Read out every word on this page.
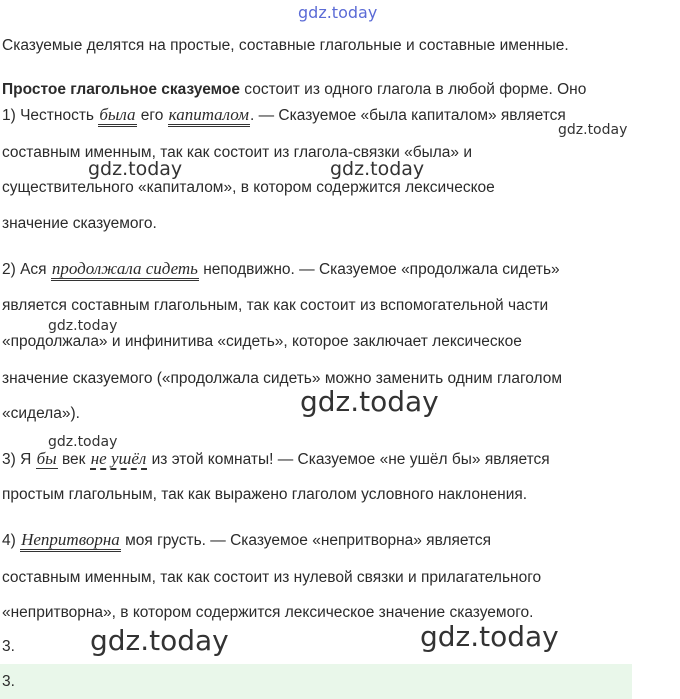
gdz.today
Сказуемые делятся на простые, составные глагольные и составные именные.
Простое глагольное сказуемое состоит из одного глагола в любой форме. Оно
1) Честность была его капиталом. — Сказуемое «была капиталом» является
gdz.today
составным именным, так как состоит из глагола-связки «была» и
gdz.today	gdz.today
существительного «капиталом», в котором содержится лексическое
значение сказуемого.
2) Ася продолжала сидеть неподвижно. — Сказуемое «продолжала сидеть»
является составным глагольным, так как состоит из вспомогательной части
gdz.today
«продолжала» и инфинитива «сидеть», которое заключает лексическое
значение сказуемого («продолжала сидеть» можно заменить одним глаголом
gdz.today
«сидела»).
gdz.today
3) Я бы век не ушёл из этой комнаты! — Сказуемое «не ушёл бы» является
простым глагольным, так как выражено глаголом условного наклонения.
4) Непритворна моя грусть. — Сказуемое «непритворна» является
составным именным, так как состоит из нулевой связки и прилагательного
«непритворна», в котором содержится лексическое значение сказуемого.
gdz.today	gdz.today
3.
3.
